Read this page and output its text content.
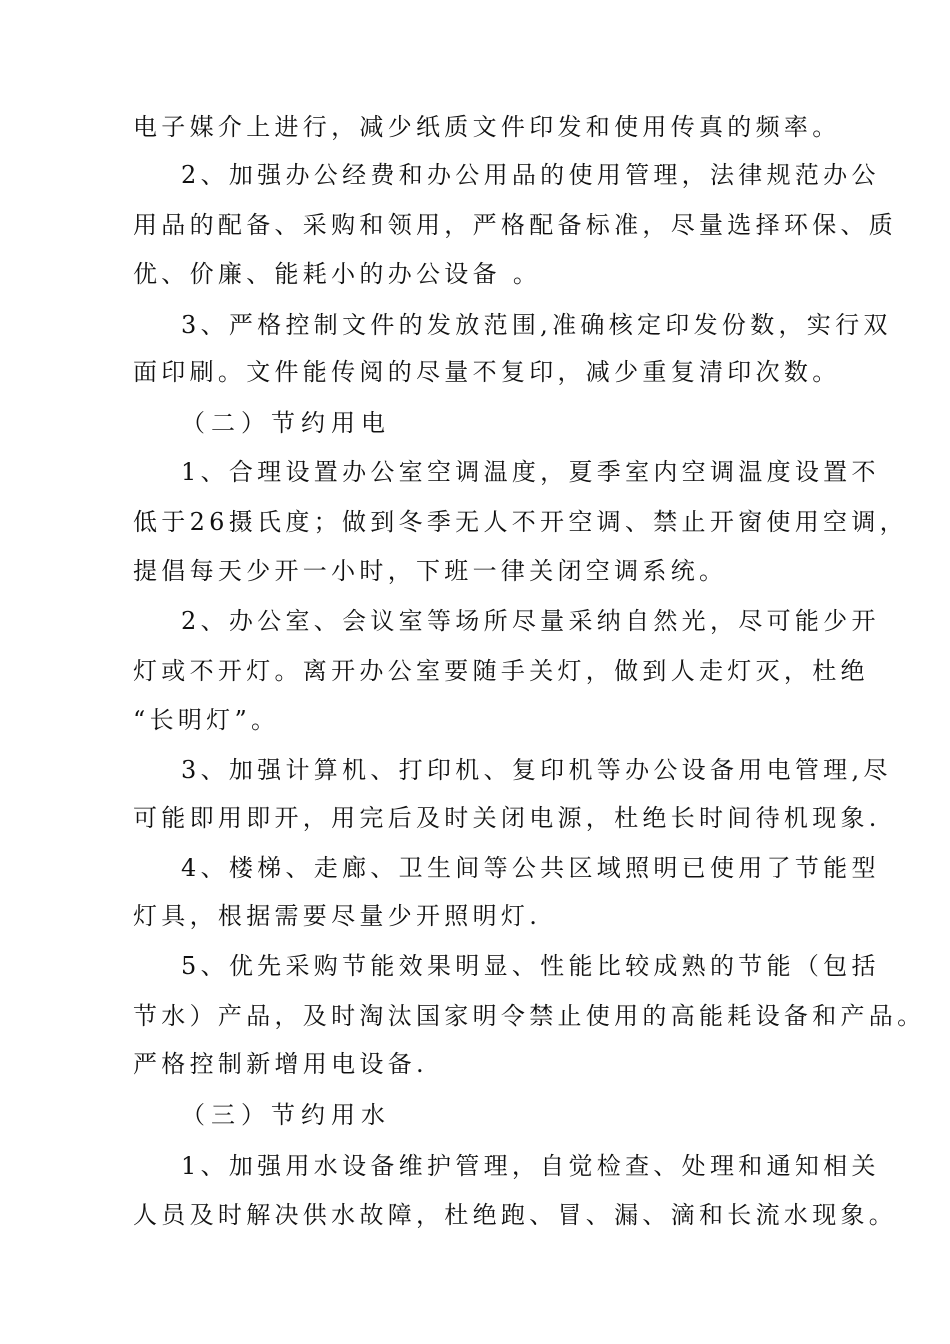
电子媒介上进行，减少纸质文件印发和使用传真的频率。
2、加强办公经费和办公用品的使用管理，法律规范办公
用品的配备、采购和领用，严格配备标准，尽量选择环保、质
优、价廉、能耗小的办公设备 。
3、严格控制文件的发放范围,准确核定印发份数，实行双
面印刷。文件能传阅的尽量不复印，减少重复清印次数。
（二）节约用电
1、合理设置办公室空调温度，夏季室内空调温度设置不
低于26摄氏度；做到冬季无人不开空调、禁止开窗使用空调，
提倡每天少开一小时，下班一律关闭空调系统。
2、办公室、会议室等场所尽量采纳自然光，尽可能少开
灯或不开灯。离开办公室要随手关灯，做到人走灯灭，杜绝
“长明灯”。
3、加强计算机、打印机、复印机等办公设备用电管理,尽
可能即用即开，用完后及时关闭电源，杜绝长时间待机现象.
4、楼梯、走廊、卫生间等公共区域照明已使用了节能型
灯具，根据需要尽量少开照明灯.
5、优先采购节能效果明显、性能比较成熟的节能（包括
节水）产品，及时淘汰国家明令禁止使用的高能耗设备和产品。
严格控制新增用电设备.
（三）节约用水
1、加强用水设备维护管理，自觉检查、处理和通知相关
人员及时解决供水故障，杜绝跑、冒、漏、滴和长流水现象。
